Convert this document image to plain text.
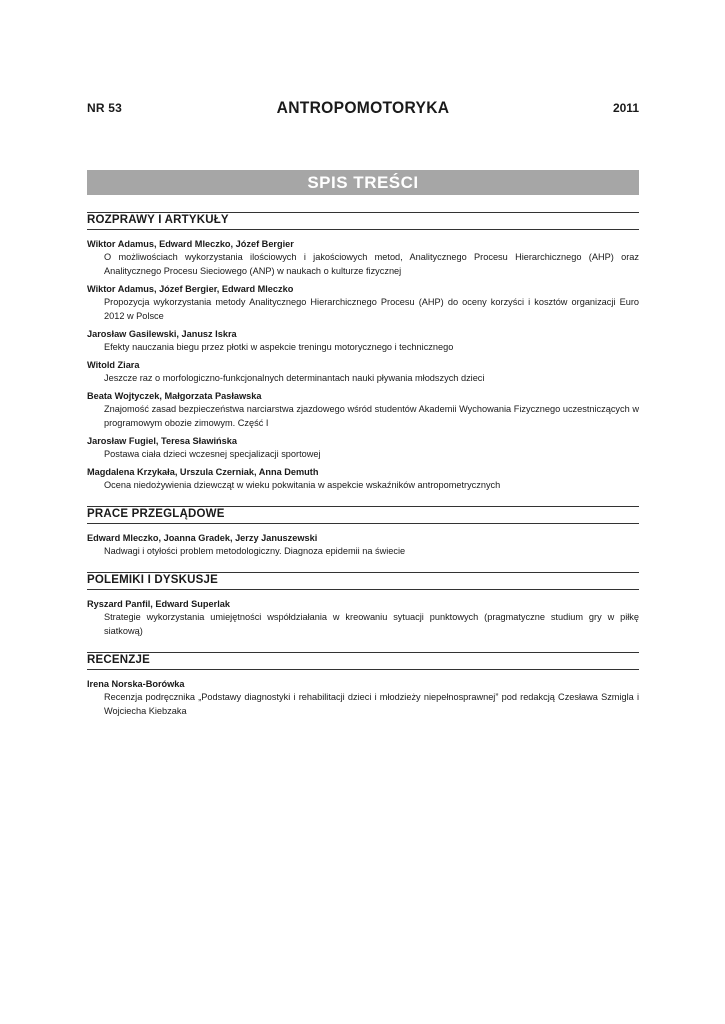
NR 53	ANTROPOMOTORYKA	2011
SPIS TREŚCI
ROZPRAWY I ARTYKUŁY
Wiktor Adamus, Edward Mleczko, Józef Bergier
O możliwościach wykorzystania ilościowych i jakościowych metod, Analitycznego Procesu Hierarchicznego (AHP) oraz Analitycznego Procesu Sieciowego (ANP) w naukach o kulturze fizycznej
Wiktor Adamus, Józef Bergier, Edward Mleczko
Propozycja wykorzystania metody Analitycznego Hierarchicznego Procesu (AHP) do oceny korzyści i kosztów organizacji Euro 2012 w Polsce
Jarosław Gasilewski, Janusz Iskra
Efekty nauczania biegu przez płotki w aspekcie treningu motorycznego i technicznego
Witold Ziara
Jeszcze raz o morfologiczno-funkcjonalnych determinantach nauki pływania młodszych dzieci
Beata Wojtyczek, Małgorzata Pasławska
Znajomość zasad bezpieczeństwa narciarstwa zjazdowego wśród studentów Akademii Wychowania Fizycznego uczestniczących w programowym obozie zimowym. Część I
Jarosław Fugiel, Teresa Sławińska
Postawa ciała dzieci wczesnej specjalizacji sportowej
Magdalena Krzykała, Urszula Czerniak, Anna Demuth
Ocena niedożywienia dziewcząt w wieku pokwitania w aspekcie wskaźników antropometrycznych
PRACE PRZEGLĄDOWE
Edward Mleczko, Joanna Gradek, Jerzy Januszewski
Nadwagi i otyłości problem metodologiczny. Diagnoza epidemii na świecie
POLEMIKI I DYSKUSJE
Ryszard Panfil, Edward Superlak
Strategie wykorzystania umiejętności współdziałania w kreowaniu sytuacji punktowych (pragmatyczne studium gry w piłkę siatkową)
RECENZJE
Irena Norska-Borówka
Recenzja podręcznika „Podstawy diagnostyki i rehabilitacji dzieci i młodzieży niepełnosprawnej” pod redakcją Czesława Szmigla i Wojciecha Kiebzaka
